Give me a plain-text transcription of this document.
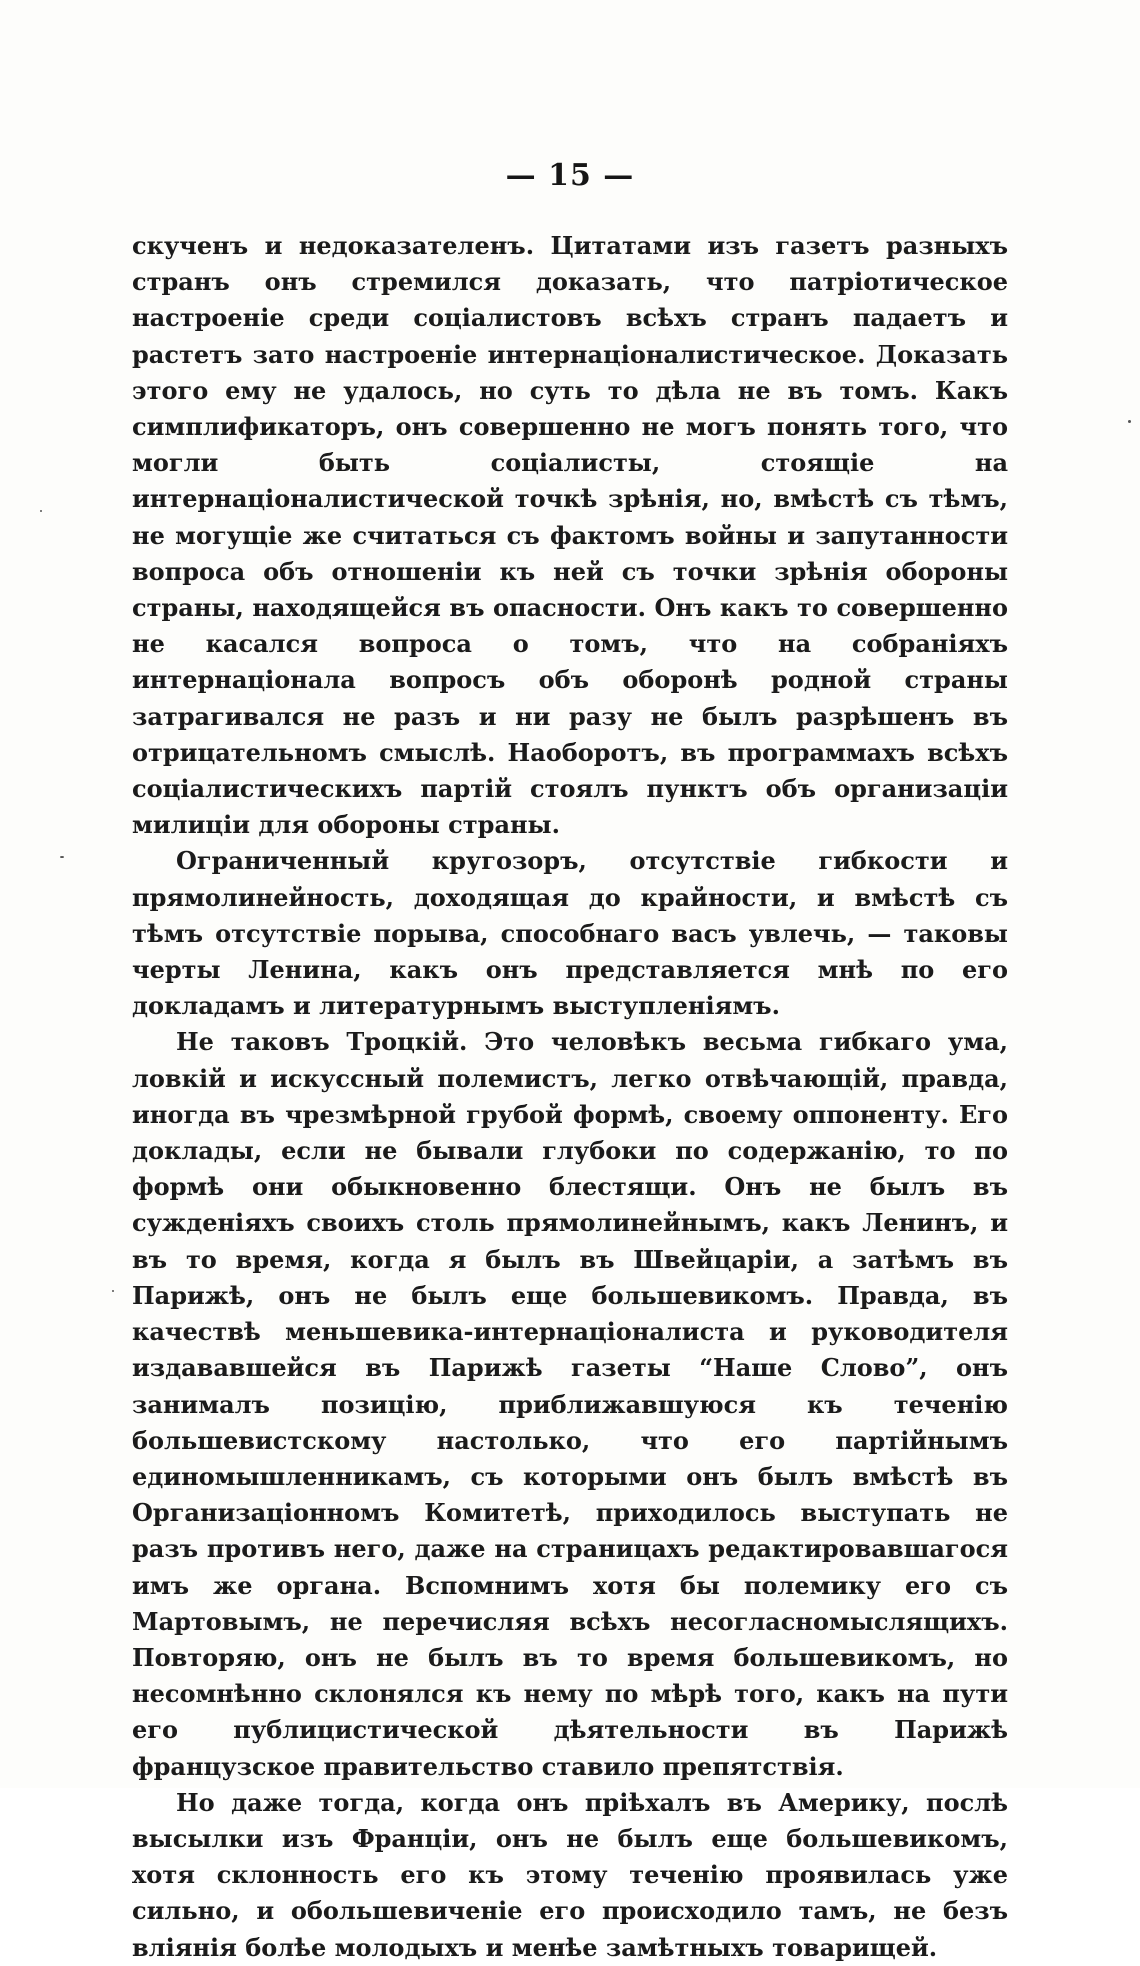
— 15 —

скученъ и недоказателенъ. Цитатами изъ газетъ разныхъ странъ онъ стремился доказать, что патріотическое настроеніе среди соціалистовъ всѣхъ странъ падаетъ и растетъ зато настроеніе интернаціоналистическое. Доказать этого ему не удалось, но суть то дѣла не въ томъ. Какъ симплификаторъ, онъ совершенно не могъ понять того, что могли быть соціалисты, стоящіе на интернаціоналистической точкѣ зрѣнія, но, вмѣстѣ съ тѣмъ, не могущіе же считаться съ фактомъ войны и запутанности вопроса объ отношеніи къ ней съ точки зрѣнія обороны страны, находящейся въ опасности. Онъ какъ то совершенно не касался вопроса о томъ, что на собраніяхъ интернаціонала вопросъ объ оборонѣ родной страны затрагивался не разъ и ни разу не былъ разрѣшенъ въ отрицательномъ смыслѣ. Наоборотъ, въ программахъ всѣхъ соціалистическихъ партій стоялъ пунктъ объ организаціи милиціи для обороны страны.

Ограниченный кругозоръ, отсутствіе гибкости и прямолинейность, доходящая до крайности, и вмѣстѣ съ тѣмъ отсутствіе порыва, способнаго васъ увлечь, — таковы черты Ленина, какъ онъ представляется мнѣ по его докладамъ и литературнымъ выступленіямъ.

Не таковъ Троцкій. Это человѣкъ весьма гибкаго ума, ловкій и искуссный полемистъ, легко отвѣчающій, правда, иногда въ чрезмѣрной грубой формѣ, своему оппоненту. Его доклады, если не бывали глубоки по содержанію, то по формѣ они обыкновенно блестящи. Онъ не былъ въ сужденіяхъ своихъ столь прямолинейнымъ, какъ Ленинъ, и въ то время, когда я былъ въ Швейцаріи, а затѣмъ въ Парижѣ, онъ не былъ еще большевикомъ. Правда, въ качествѣ меньшевика-интернаціоналиста и руководителя издававшейся въ Парижѣ газеты “Наше Слово”, онъ занималъ позицію, приближавшуюся къ теченію большевистскому настолько, что его партійнымъ единомышленникамъ, съ которыми онъ былъ вмѣстѣ въ Организаціонномъ Комитетѣ, приходилось выступать не разъ противъ него, даже на страницахъ редактировавшагося имъ же органа. Вспомнимъ хотя бы полемику его съ Мартовымъ, не перечисляя всѣхъ несогласномыслящихъ. Повторяю, онъ не былъ въ то время большевикомъ, но несомнѣнно склонялся къ нему по мѣрѣ того, какъ на пути его публицистической дѣятельности въ Парижѣ французское правительство ставило препятствія.

Но даже тогда, когда онъ пріѣхалъ въ Америку, послѣ высылки изъ Франціи, онъ не былъ еще большевикомъ, хотя склонность его къ этому теченію проявилась уже сильно, и обольшевиченіе его происходило тамъ, не безъ вліянія болѣе молодыхъ и менѣе замѣтныхъ товарищей.
